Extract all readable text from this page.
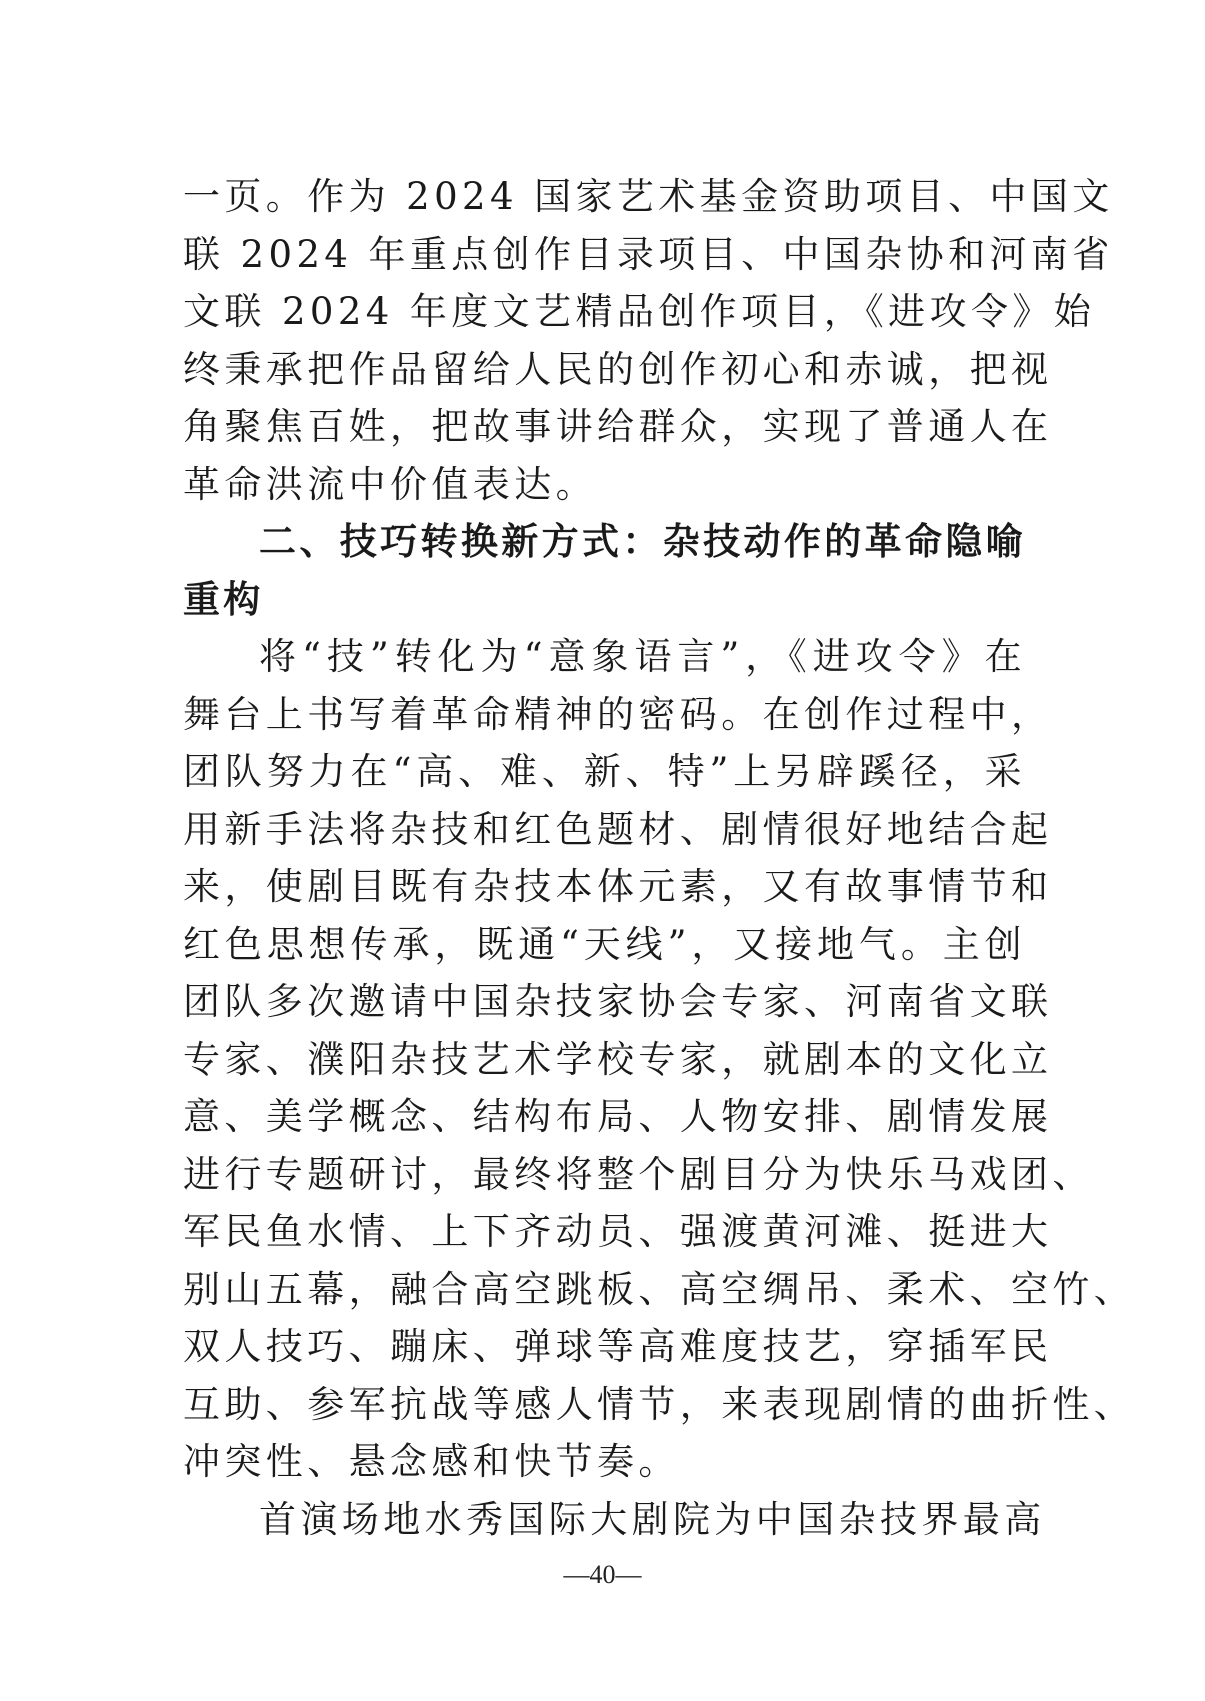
一页。作为 2024 国家艺术基金资助项目、中国文
联 2024 年重点创作目录项目、中国杂协和河南省
文联 2024 年度文艺精品创作项目，《进攻令》始
终秉承把作品留给人民的创作初心和赤诚，把视
角聚焦百姓，把故事讲给群众，实现了普通人在
革命洪流中价值表达。
二、技巧转换新方式：杂技动作的革命隐喻
重构
将“技”转化为“意象语言”，《进攻令》在
舞台上书写着革命精神的密码。在创作过程中，
团队努力在“高、难、新、特”上另辟蹊径，采
用新手法将杂技和红色题材、剧情很好地结合起
来，使剧目既有杂技本体元素，又有故事情节和
红色思想传承，既通“天线”，又接地气。主创
团队多次邀请中国杂技家协会专家、河南省文联
专家、濮阳杂技艺术学校专家，就剧本的文化立
意、美学概念、结构布局、人物安排、剧情发展
进行专题研讨，最终将整个剧目分为快乐马戏团、
军民鱼水情、上下齐动员、强渡黄河滩、挺进大
别山五幕，融合高空跳板、高空绸吊、柔术、空竹、
双人技巧、蹦床、弹球等高难度技艺，穿插军民
互助、参军抗战等感人情节，来表现剧情的曲折性、
冲突性、悬念感和快节奏。
首演场地水秀国际大剧院为中国杂技界最高
—40—
